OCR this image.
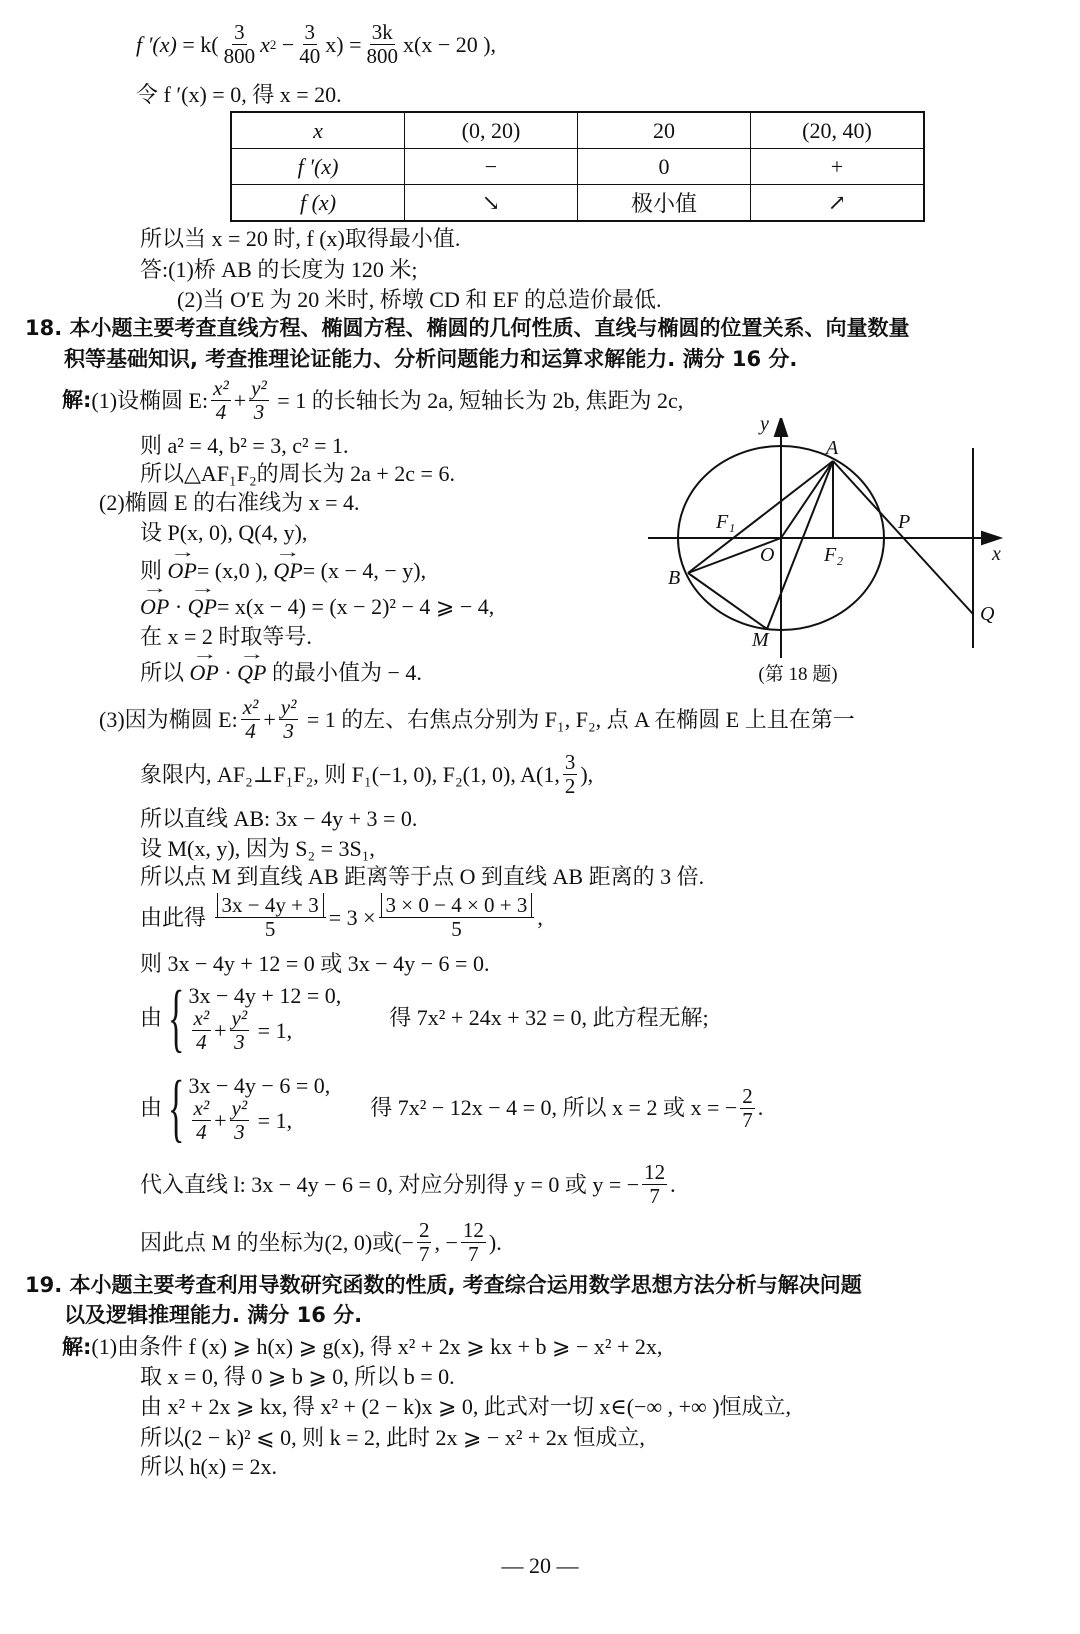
f ′(x)
= $k( \frac{3}{800}$ x $2 - \frac{3}{40} x) = \frac{3k}{800} x(x - 20$ ),
令 f ′(x) = 0, 得 x = 20.
x	(0, 20)	20	(20, 40)
f ′(x)	−	0	+
f (x)	↘	极小值	↗
所以当 x = 20 时, f (x)取得最小值.
答:(1)桥 AB 的长度为 120 米;
(2)当 O′E 为 20 米时, 桥墩 CD 和 EF 的总造价最低.
18. 本小题主要考查直线方程、椭圆方程、椭圆的几何性质、直线与椭圆的位置关系、向量数量
积等基础知识, 考查推理论证能力、分析问题能力和运算求解能力. 满分 16 分.
解: (1)设椭圆 E: $\frac{\text{x²}}{4} + \frac{\text{y²}}{3}$
= 1 的长轴长为 2a, 短轴长为 2b, 焦距为 2c,
则 a² = 4, b² = 3, c² = 1.
所以△AF₁F₂的周长为 2a + 2c = 6.
(2)椭圆 E 的右准线为 x = 4.
设 P(x, 0), Q(4, y),
则 → OP= (x,0 ), → QP= (x − 4, − y),
→ OP · → QP= x(x − 4) = (x − 2)² − 4 ⩾ − 4,
在 x = 2 时取等号.
所以 → OP · → QP 的最小值为 − 4.
y
A
F₁	P
O F₂	x
B
Q
M
(第 18 题)
(3)因为椭圆 E: $\frac{\text{x²}}{4} + \frac{\text{y²}}{3}$
= 1 的左、右焦点分别为 F₁, F₂, 点 A 在椭圆 E 上且在第一
象限内, AF₂⊥F₁F₂, 则 F₁(−1, 0), F₂(1, 0), A(1, $\frac{3}{2}$ ),
所以直线 AB: 3x − 4y + 3 = 0.
设 M(x, y), 因为 S₂ = 3S₁,
所以点 M 到直线 AB 距离等于点 O 到直线 AB 距离的 3 倍.
由此得
$\frac{3x - 4y + 3}{5} = 3 \times \frac{3 \times 0 - 4 \times 0 + 3}{5}$ ,
则 3x − 4y + 12 = 0 或 3x − 4y − 6 = 0.
由 { 3x − 4y + 12 = 0,
$\frac{\text{x²}}{4} + \frac{\text{y²}}{3}$
= 1,
得 7x² + 24x + 32 = 0, 此方程无解;
由 { 3x − 4y − 6 = 0,
$\frac{\text{x²}}{4} + \frac{\text{y²}}{3}$
= 1,
得 7x² − 12x − 4 = 0, 所以 x = 2 或 x = − $\frac{2}{7}$ .
代入直线 l: 3x − 4y − 6 = 0, 对应分别得 y = 0 或 y = − $\frac{12}{7}$ .
因此点 M 的坐标为(2, 0)或(− $\frac{2}{7}$ , − $\frac{12}{7}$ ).
19. 本小题主要考查利用导数研究函数的性质, 考查综合运用数学思想方法分析与解决问题
以及逻辑推理能力. 满分 16 分.
解:(1)由条件 f (x) ⩾ h(x) ⩾ g(x), 得 x² + 2x ⩾ kx + b ⩾ − x² + 2x,
取 x = 0, 得 0 ⩾ b ⩾ 0, 所以 b = 0.
由 x² + 2x ⩾ kx, 得 x² + (2 − k)x ⩾ 0, 此式对一切 x∈(−∞ , +∞ )恒成立,
所以(2 − k)² ⩽ 0, 则 k = 2, 此时 2x ⩾ − x² + 2x 恒成立,
所以 h(x) = 2x.
— 20 —
